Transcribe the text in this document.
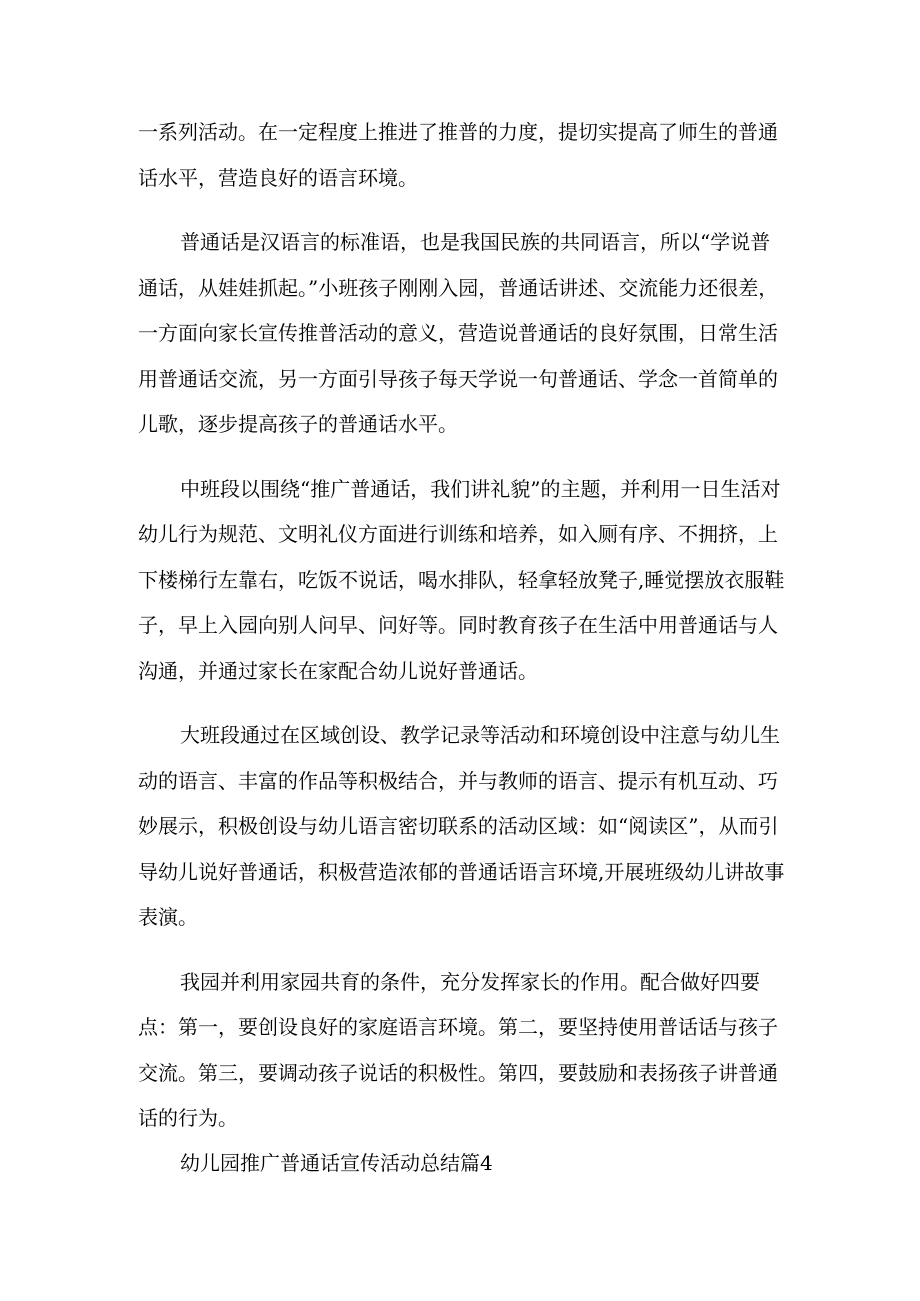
一系列活动。在一定程度上推进了推普的力度，提切实提高了师生的普通话水平，营造良好的语言环境。

普通话是汉语言的标准语，也是我国民族的共同语言，所以“学说普通话，从娃娃抓起。”小班孩子刚刚入园，普通话讲述、交流能力还很差，一方面向家长宣传推普活动的意义，营造说普通话的良好氛围，日常生活用普通话交流，另一方面引导孩子每天学说一句普通话、学念一首简单的儿歌，逐步提高孩子的普通话水平。

中班段以围绕“推广普通话，我们讲礼貌”的主题，并利用一日生活对幼儿行为规范、文明礼仪方面进行训练和培养，如入厕有序、不拥挤，上下楼梯行左靠右，吃饭不说话，喝水排队，轻拿轻放凳子,睡觉摆放衣服鞋子，早上入园向别人问早、问好等。同时教育孩子在生活中用普通话与人沟通，并通过家长在家配合幼儿说好普通话。

大班段通过在区域创设、教学记录等活动和环境创设中注意与幼儿生动的语言、丰富的作品等积极结合，并与教师的语言、提示有机互动、巧妙展示，积极创设与幼儿语言密切联系的活动区域：如“阅读区”，从而引导幼儿说好普通话，积极营造浓郁的普通话语言环境,开展班级幼儿讲故事表演。

我园并利用家园共育的条件，充分发挥家长的作用。配合做好四要点：第一，要创设良好的家庭语言环境。第二，要坚持使用普话话与孩子交流。第三，要调动孩子说话的积极性。第四，要鼓励和表扬孩子讲普通话的行为。

幼儿园推广普通话宣传活动总结篇4
